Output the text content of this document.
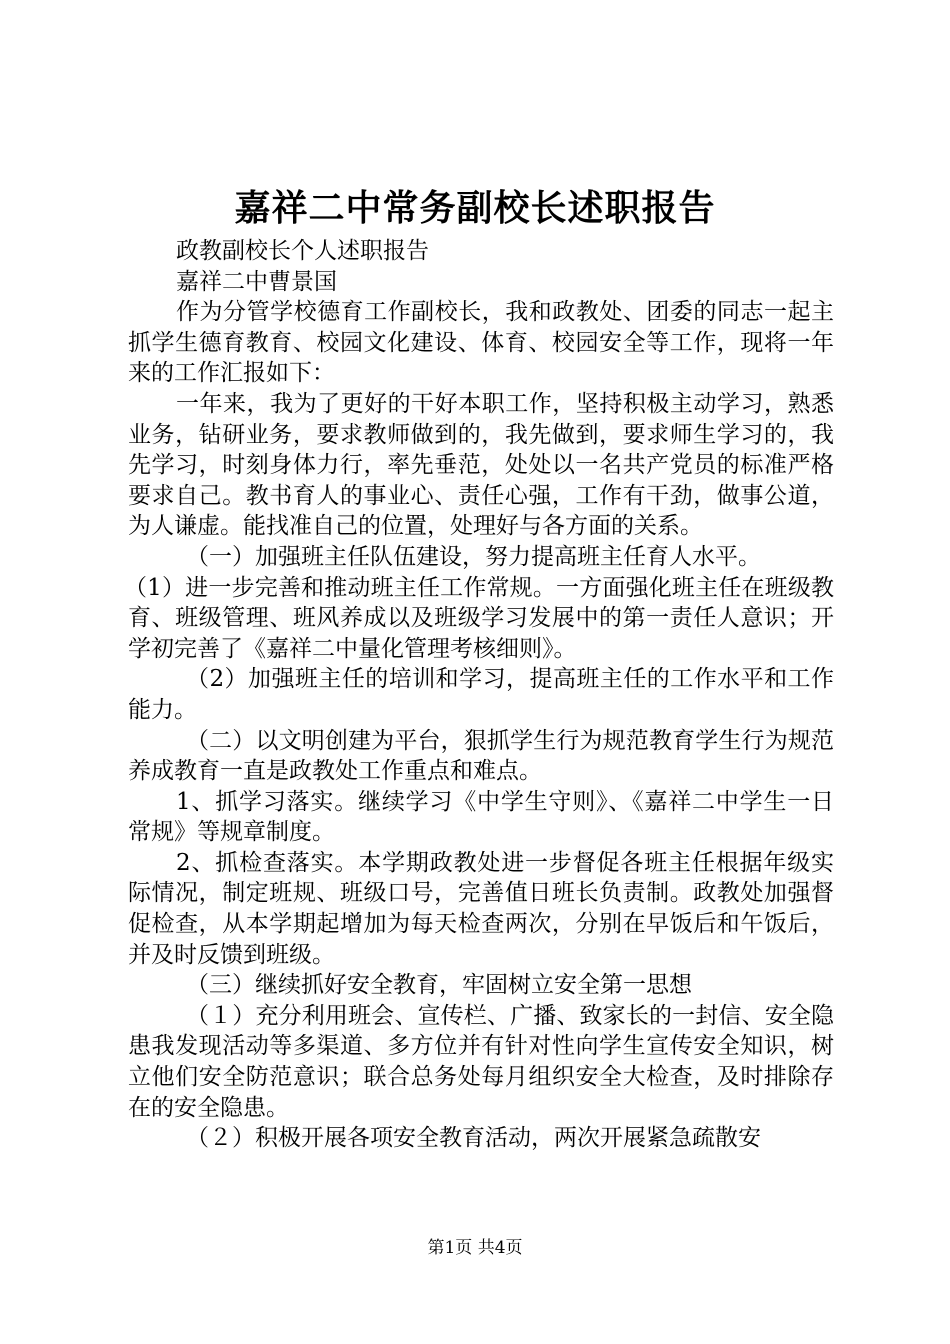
嘉祥二中常务副校长述职报告

政教副校长个人述职报告

嘉祥二中曹景国

作为分管学校德育工作副校长，我和政教处、团委的同志一起主抓学生德育教育、校园文化建设、体育、校园安全等工作，现将一年来的工作汇报如下：

一年来，我为了更好的干好本职工作，坚持积极主动学习，熟悉业务，钻研业务，要求教师做到的，我先做到，要求师生学习的，我先学习，时刻身体力行，率先垂范，处处以一名共产党员的标准严格要求自己。教书育人的事业心、责任心强，工作有干劲，做事公道，为人谦虚。能找准自己的位置，处理好与各方面的关系。

（一）加强班主任队伍建设，努力提高班主任育人水平。

（1）进一步完善和推动班主任工作常规。一方面强化班主任在班级教育、班级管理、班风养成以及班级学习发展中的第一责任人意识；开学初完善了《嘉祥二中量化管理考核细则》。

（2）加强班主任的培训和学习，提高班主任的工作水平和工作能力。

（二）以文明创建为平台，狠抓学生行为规范教育学生行为规范养成教育一直是政教处工作重点和难点。

1、抓学习落实。继续学习《中学生守则》、《嘉祥二中学生一日常规》等规章制度。

2、抓检查落实。本学期政教处进一步督促各班主任根据年级实际情况，制定班规、班级口号，完善值日班长负责制。政教处加强督促检查，从本学期起增加为每天检查两次，分别在早饭后和午饭后，并及时反馈到班级。

（三）继续抓好安全教育，牢固树立安全第一思想

（１）充分利用班会、宣传栏、广播、致家长的一封信、安全隐患我发现活动等多渠道、多方位并有针对性向学生宣传安全知识，树立他们安全防范意识；联合总务处每月组织安全大检查，及时排除存在的安全隐患。

（２）积极开展各项安全教育活动，两次开展紧急疏散安

第1页 共4页
